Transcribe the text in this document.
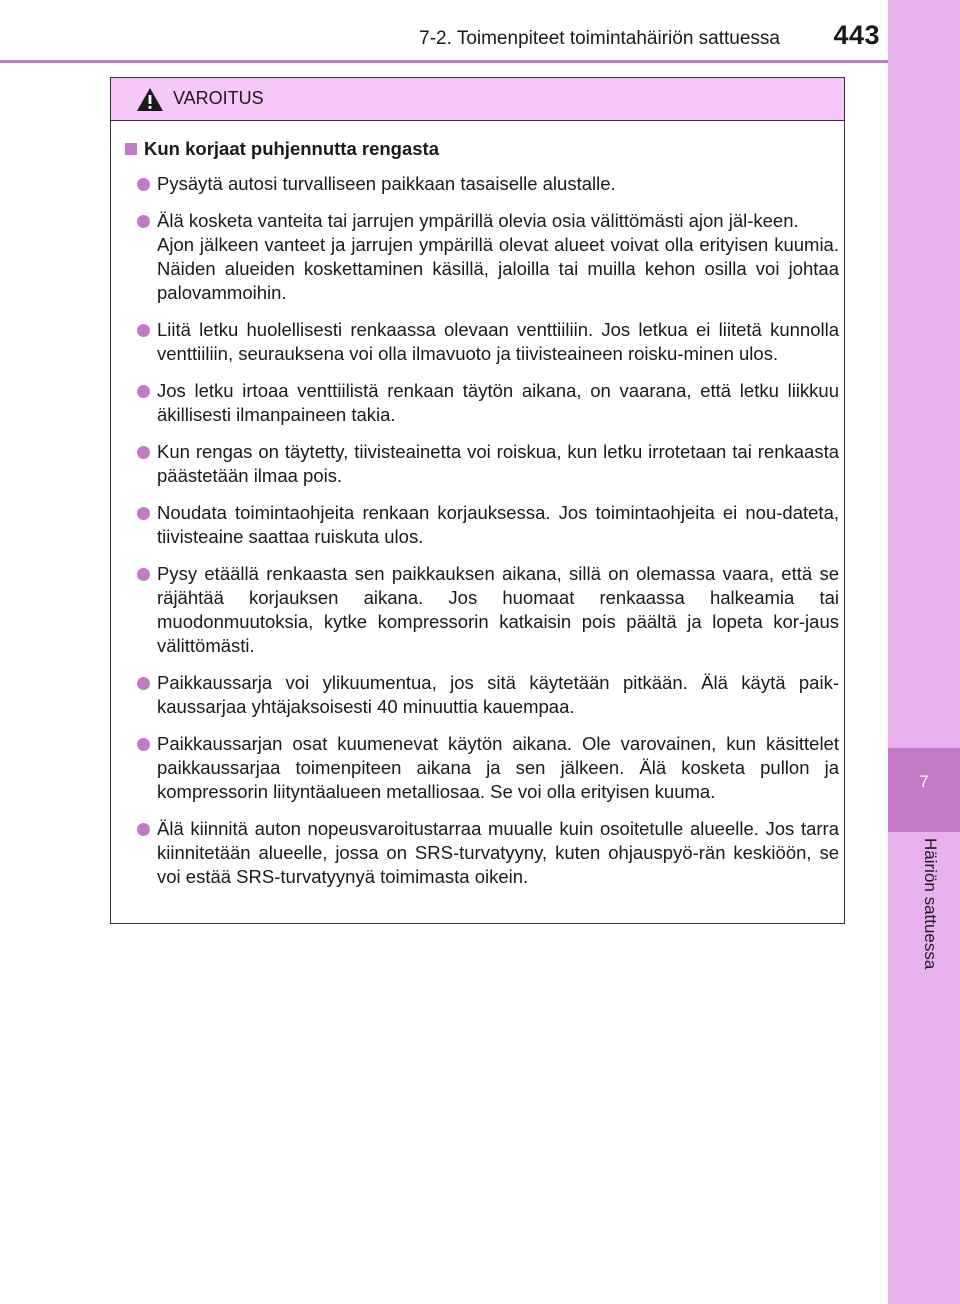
7
Häiriön sattuessa
7-2. Toimenpiteet toimintahäiriön sattuessa	443
VAROITUS
Kun korjaat puhjennutta rengasta

Pysäytä autosi turvalliseen paikkaan tasaiselle alustalle.

Älä kosketa vanteita tai jarrujen ympärillä olevia osia välittömästi ajon jäl-keen.

Ajon jälkeen vanteet ja jarrujen ympärillä olevat alueet voivat olla erityisen kuumia. Näiden alueiden koskettaminen käsillä, jaloilla tai muilla kehon osilla voi johtaa palovammoihin.

Liitä letku huolellisesti renkaassa olevaan venttiiliin. Jos letkua ei liitetä kunnolla venttiiliin, seurauksena voi olla ilmavuoto ja tiivisteaineen roisku-minen ulos.

Jos letku irtoaa venttiilistä renkaan täytön aikana, on vaarana, että letku liikkuu äkillisesti ilmanpaineen takia.

Kun rengas on täytetty, tiivisteainetta voi roiskua, kun letku irrotetaan tai renkaasta päästetään ilmaa pois.

Noudata toimintaohjeita renkaan korjauksessa. Jos toimintaohjeita ei nou-dateta, tiivisteaine saattaa ruiskuta ulos.

Pysy etäällä renkaasta sen paikkauksen aikana, sillä on olemassa vaara, että se räjähtää korjauksen aikana. Jos huomaat renkaassa halkeamia tai muodonmuutoksia, kytke kompressorin katkaisin pois päältä ja lopeta kor-jaus välittömästi.

Paikkaussarja voi ylikuumentua, jos sitä käytetään pitkään. Älä käytä paik-kaussarjaa yhtäjaksoisesti 40 minuuttia kauempaa.

Paikkaussarjan osat kuumenevat käytön aikana. Ole varovainen, kun käsittelet paikkaussarjaa toimenpiteen aikana ja sen jälkeen. Älä kosketa pullon ja kompressorin liityntäalueen metalliosaa. Se voi olla erityisen kuuma.

Älä kiinnitä auton nopeusvaroitustarraa muualle kuin osoitetulle alueelle. Jos tarra kiinnitetään alueelle, jossa on SRS-turvatyyny, kuten ohjauspyö-rän keskiöön, se voi estää SRS-turvatyynyä toimimasta oikein.
